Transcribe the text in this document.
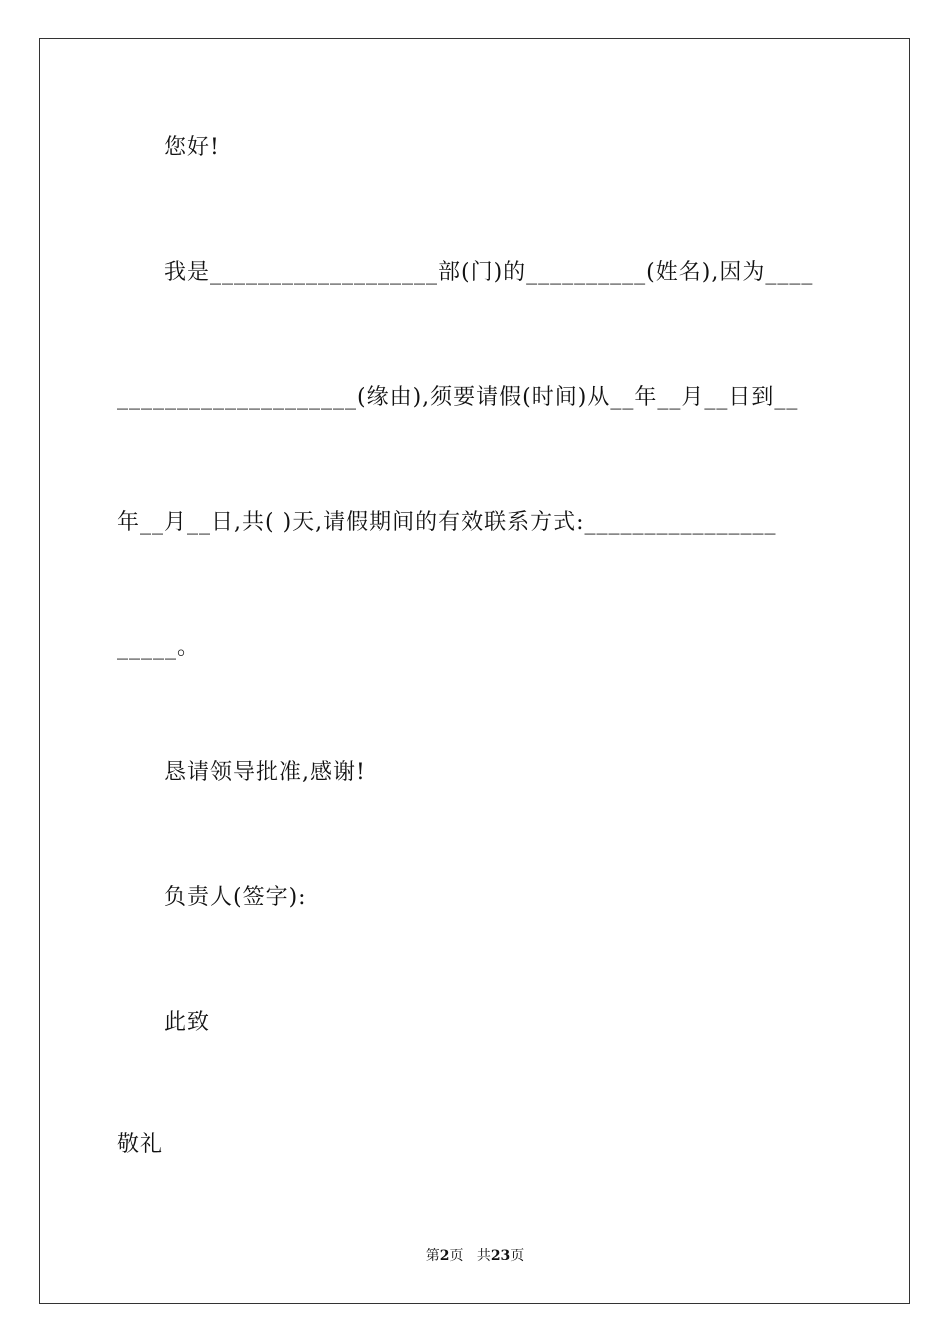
您好!
我是___________________部(门)的__________(姓名),因为____
____________________(缘由),须要请假(时间)从__年__月__日到__
年__月__日,共( )天,请假期间的有效联系方式:________________
_____。
恳请领导批准,感谢!
负责人(签字):
此致
敬礼
第2页 共23页
